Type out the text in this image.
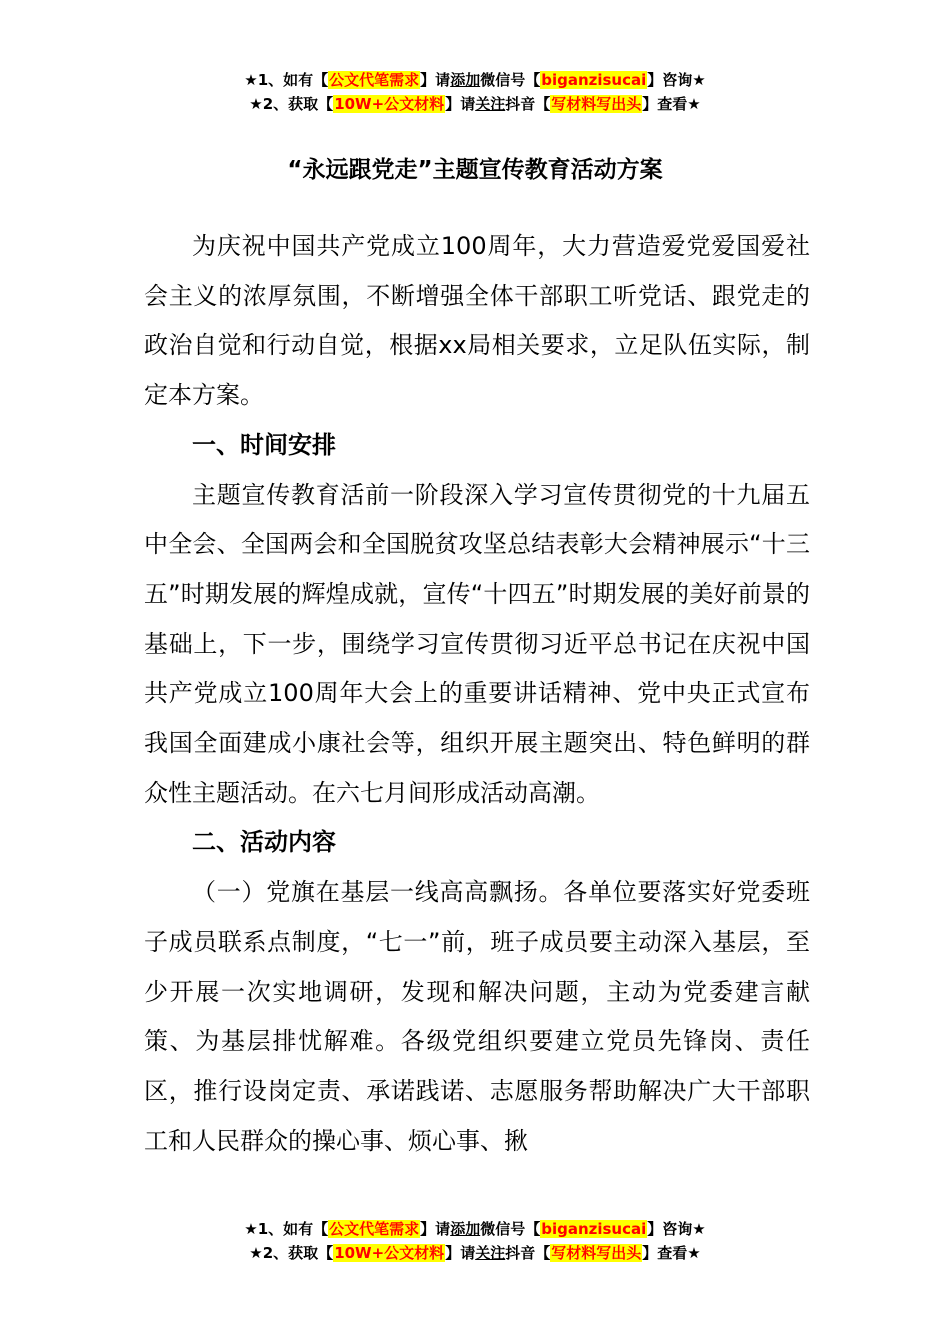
★1、如有【公文代笔需求】请添加微信号【biganzisucai】咨询★
★2、获取【10W+公文材料】请关注抖音【写材料写出头】查看★
“永远跟党走”主题宣传教育活动方案

为庆祝中国共产党成立100周年，大力营造爱党爱国爱社会主义的浓厚氛围，不断增强全体干部职工听党话、跟党走的政治自觉和行动自觉，根据xx局相关要求，立足队伍实际，制定本方案。

一、时间安排

主题宣传教育活前一阶段深入学习宣传贯彻党的十九届五中全会、全国两会和全国脱贫攻坚总结表彰大会精神展示“十三五”时期发展的辉煌成就，宣传“十四五”时期发展的美好前景的基础上，下一步，围绕学习宣传贯彻习近平总书记在庆祝中国共产党成立100周年大会上的重要讲话精神、党中央正式宣布我国全面建成小康社会等，组织开展主题突出、特色鲜明的群众性主题活动。在六七月间形成活动高潮。

二、活动内容

（一）党旗在基层一线高高飘扬。各单位要落实好党委班子成员联系点制度，“七一”前，班子成员要主动深入基层，至少开展一次实地调研，发现和解决问题，主动为党委建言献策、为基层排忧解难。各级党组织要建立党员先锋岗、责任区，推行设岗定责、承诺践诺、志愿服务帮助解决广大干部职工和人民群众的操心事、烦心事、揪

★1、如有【公文代笔需求】请添加微信号【biganzisucai】咨询★
★2、获取【10W+公文材料】请关注抖音【写材料写出头】查看★
